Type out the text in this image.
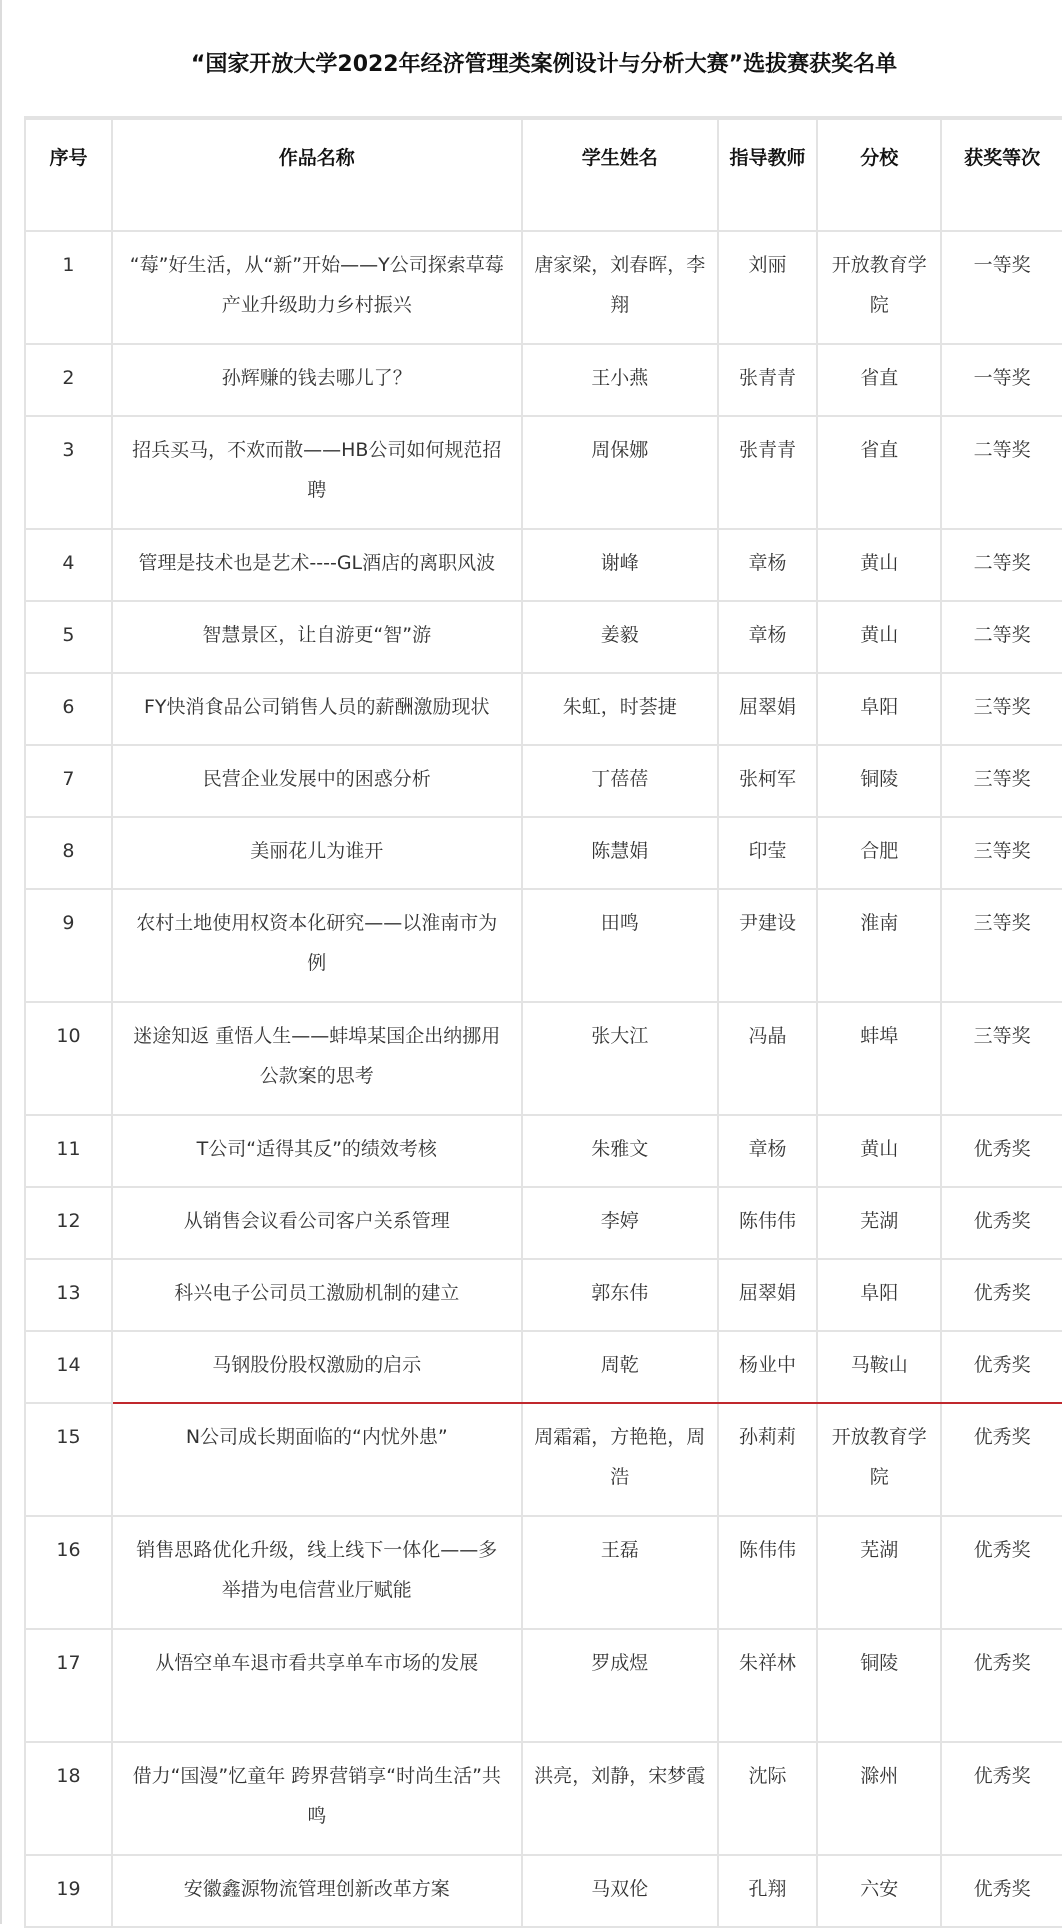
“国家开放大学2022年经济管理类案例设计与分析大赛”选拔赛获奖名单
序号	作品名称	学生姓名	指导教师	分校	获奖等次
1	“莓”好生活，从“新”开始——Y公司探索草莓产业升级助力乡村振兴	唐家梁，刘春晖，李翔	刘丽	开放教育学院	一等奖
2	孙辉赚的钱去哪儿了？	王小燕	张青青	省直	一等奖
3	招兵买马，不欢而散——HB公司如何规范招聘	周保娜	张青青	省直	二等奖
4	管理是技术也是艺术----GL酒店的离职风波	谢峰	章杨	黄山	二等奖
5	智慧景区，让自游更“智”游	姜毅	章杨	黄山	二等奖
6	FY快消食品公司销售人员的薪酬激励现状	朱虹，时荟捷	屈翠娟	阜阳	三等奖
7	民营企业发展中的困惑分析	丁蓓蓓	张柯军	铜陵	三等奖
8	美丽花儿为谁开	陈慧娟	印莹	合肥	三等奖
9	农村土地使用权资本化研究——以淮南市为例	田鸣	尹建设	淮南	三等奖
10	迷途知返 重悟人生——蚌埠某国企出纳挪用公款案的思考	张大江	冯晶	蚌埠	三等奖
11	T公司“适得其反”的绩效考核	朱雅文	章杨	黄山	优秀奖
12	从销售会议看公司客户关系管理	李婷	陈伟伟	芜湖	优秀奖
13	科兴电子公司员工激励机制的建立	郭东伟	屈翠娟	阜阳	优秀奖
14	马钢股份股权激励的启示	周乾	杨业中	马鞍山	优秀奖
15	N公司成长期面临的“内忧外患”	周霜霜，方艳艳，周浩	孙莉莉	开放教育学院	优秀奖
16	销售思路优化升级，线上线下一体化——多举措为电信营业厅赋能	王磊	陈伟伟	芜湖	优秀奖
17	从悟空单车退市看共享单车市场的发展	罗成煜	朱祥林	铜陵	优秀奖
18	借力“国漫”忆童年 跨界营销享“时尚生活”共鸣	洪亮，刘静，宋梦霞	沈际	滁州	优秀奖
19	安徽鑫源物流管理创新改革方案	马双伦	孔翔	六安	优秀奖
